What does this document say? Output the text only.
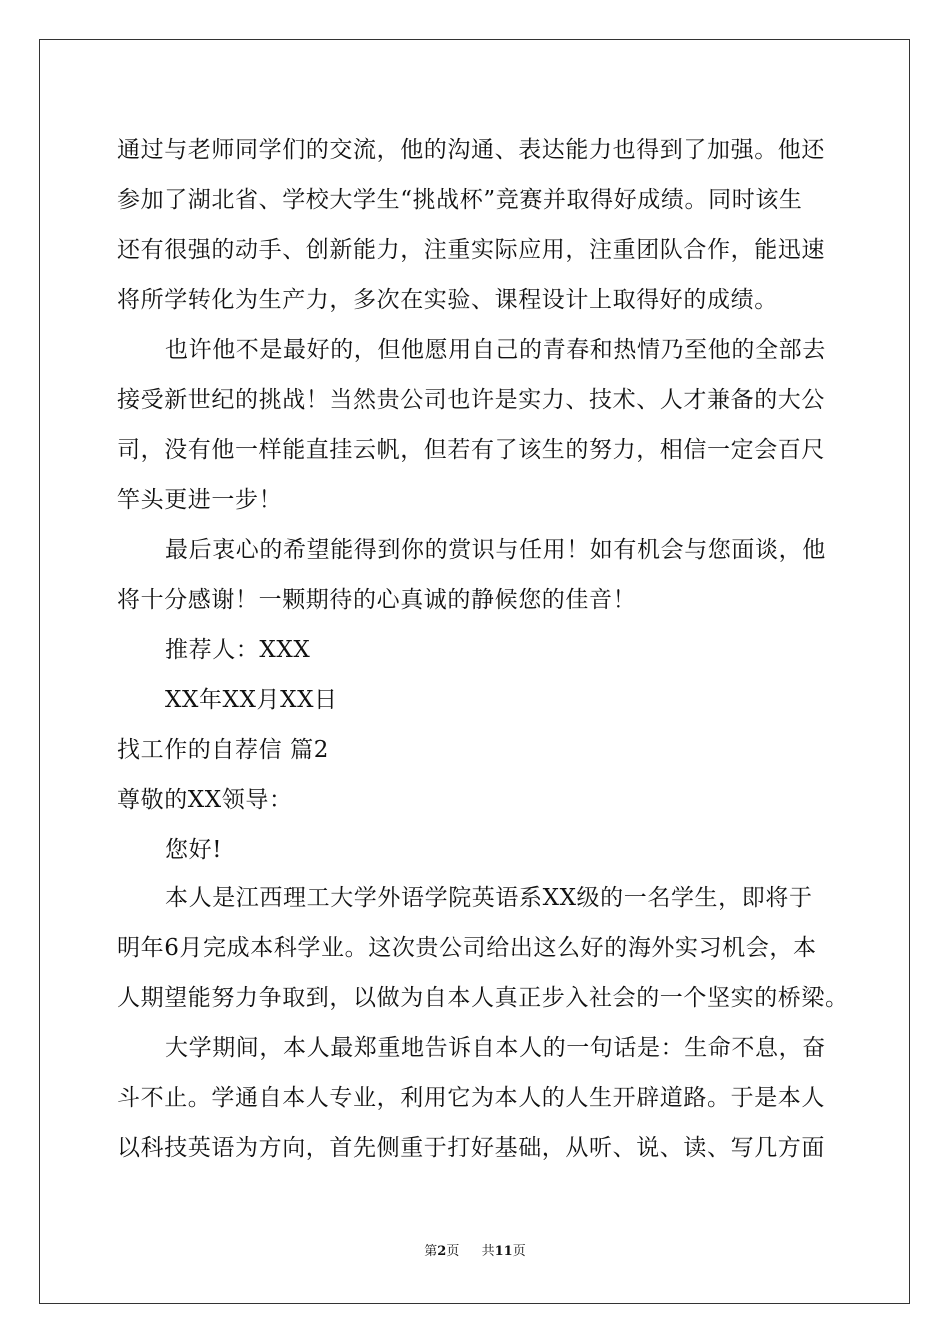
通过与老师同学们的交流，他的沟通、表达能力也得到了加强。他还
参加了湖北省、学校大学生“挑战杯”竞赛并取得好成绩。同时该生
还有很强的动手、创新能力，注重实际应用，注重团队合作，能迅速
将所学转化为生产力，多次在实验、课程设计上取得好的成绩。
也许他不是最好的，但他愿用自己的青春和热情乃至他的全部去
接受新世纪的挑战！当然贵公司也许是实力、技术、人才兼备的大公
司，没有他一样能直挂云帆，但若有了该生的努力，相信一定会百尺
竿头更进一步！
最后衷心的希望能得到你的赏识与任用！如有机会与您面谈，他
将十分感谢！一颗期待的心真诚的静候您的佳音！
推荐人：XXX
XX年XX月XX日
找工作的自荐信 篇2
尊敬的XX领导：
您好!
本人是江西理工大学外语学院英语系XX级的一名学生，即将于
明年6月完成本科学业。这次贵公司给出这么好的海外实习机会，本
人期望能努力争取到，以做为自本人真正步入社会的一个坚实的桥梁。
大学期间，本人最郑重地告诉自本人的一句话是：生命不息，奋
斗不止。学通自本人专业，利用它为本人的人生开辟道路。于是本人
以科技英语为方向，首先侧重于打好基础，从听、说、读、写几方面
第2页 共11页
